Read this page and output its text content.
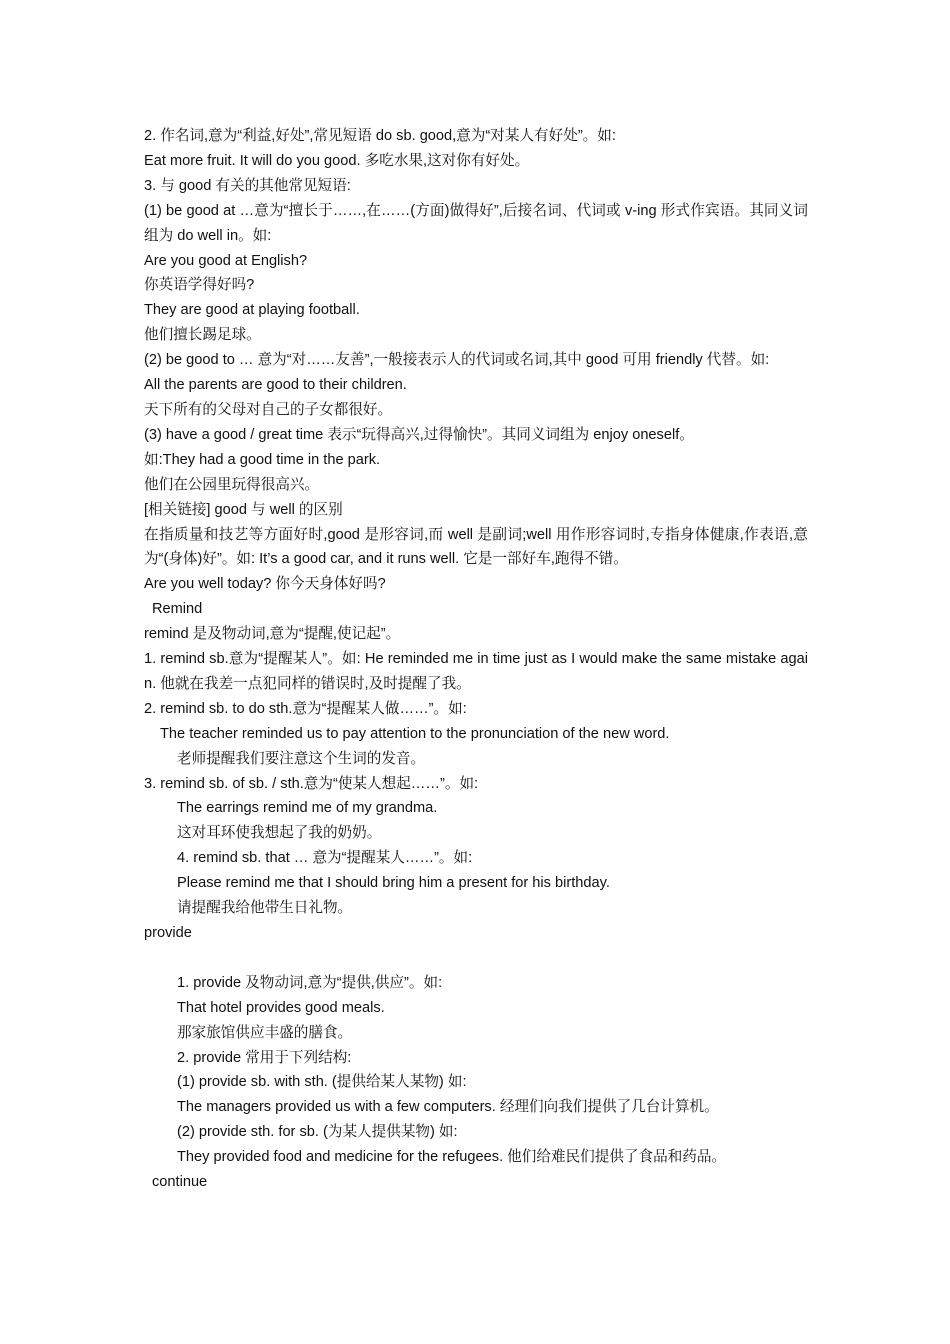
2. 作名词,意为“利益,好处”,常见短语 do sb. good,意为“对某人有好处”。如:

Eat more fruit. It will do you good. 多吃水果,这对你有好处。

3. 与 good 有关的其他常见短语:

(1) be good at …意为“擅长于……,在……(方面)做得好”,后接名词、代词或 v-ing 形式作宾语。其同义词组为 do well in。如:

Are you good at English?

你英语学得好吗?

They are good at playing football.

他们擅长踢足球。

(2) be good to … 意为“对……友善”,一般接表示人的代词或名词,其中 good 可用 friendly 代替。如:

All the parents are good to their children.

天下所有的父母对自己的子女都很好。

(3) have a good / great time 表示“玩得高兴,过得愉快”。其同义词组为 enjoy oneself。

如:They had a good time in the park.

他们在公园里玩得很高兴。

[相关链接] good 与 well 的区别

在指质量和技艺等方面好时,good 是形容词,而 well 是副词;well 用作形容词时,专指身体健康,作表语,意为“(身体)好”。如: It’s a good car, and it runs well. 它是一部好车,跑得不错。

Are you well today? 你今天身体好吗?

Remind

remind 是及物动词,意为“提醒,使记起”。

1. remind sb.意为“提醒某人”。如: He reminded me in time just as I would make the same mistake again. 他就在我差一点犯同样的错误时,及时提醒了我。

2. remind sb. to do sth.意为“提醒某人做……”。如:

The teacher reminded us to pay attention to the pronunciation of the new word.

老师提醒我们要注意这个生词的发音。

3. remind sb. of sb. / sth.意为“使某人想起……”。如:

The earrings remind me of my grandma.

这对耳环使我想起了我的奶奶。

4. remind sb. that … 意为“提醒某人……”。如:

Please remind me that I should bring him a present for his birthday.

请提醒我给他带生日礼物。

provide

1. provide 及物动词,意为“提供,供应”。如:

That hotel provides good meals.

那家旅馆供应丰盛的膳食。

2. provide 常用于下列结构:

(1) provide sb. with sth. (提供给某人某物) 如:

The managers provided us with a few computers. 经理们向我们提供了几台计算机。

(2) provide sth. for sb. (为某人提供某物) 如:

They provided food and medicine for the refugees. 他们给难民们提供了食品和药品。

continue
